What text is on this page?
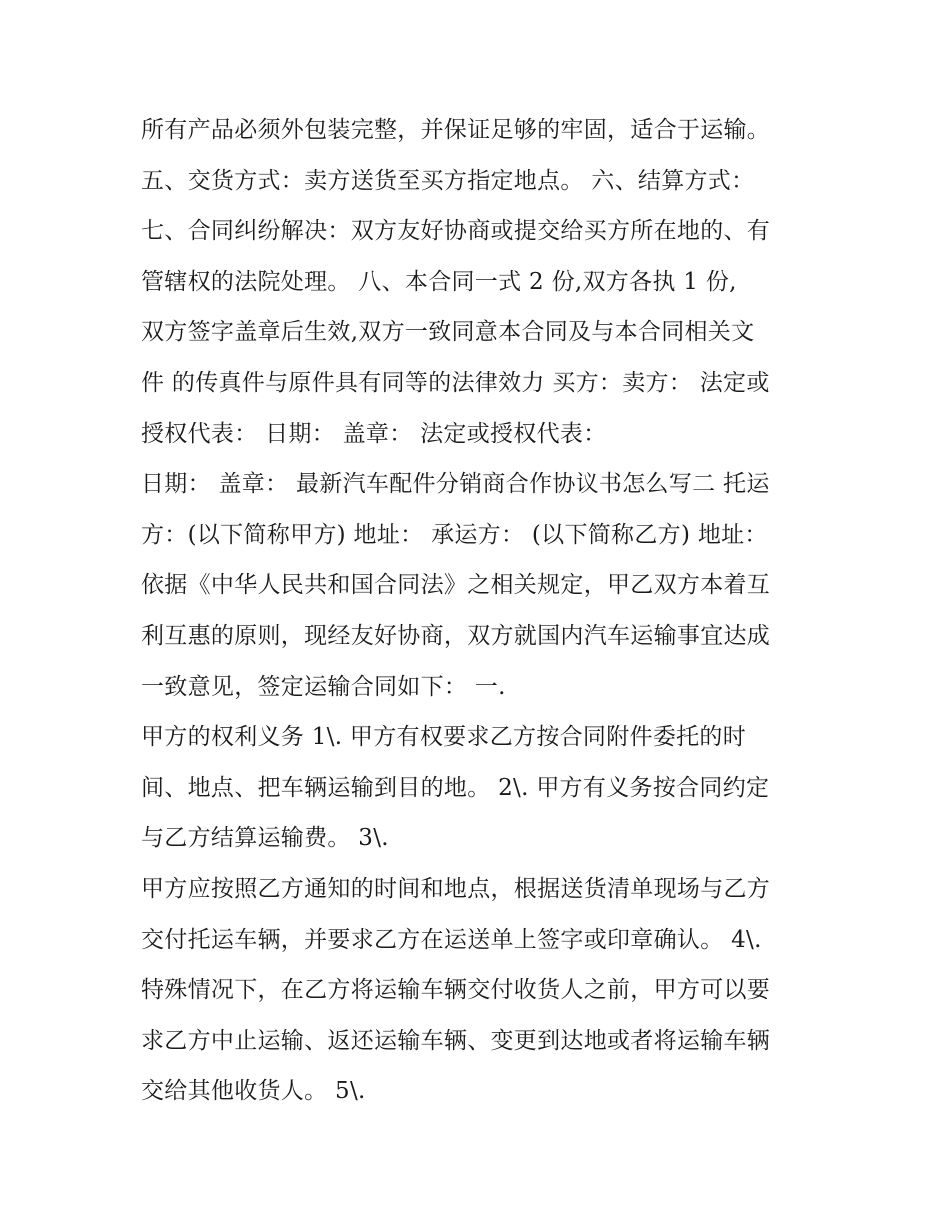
所有产品必须外包装完整，并保证足够的牢固，适合于运输。
五、交货方式：卖方送货至买方指定地点。 六、结算方式：
七、合同纠纷解决：双方友好协商或提交给买方所在地的、有
管辖权的法院处理。 八、本合同一式 2 份,双方各执 1 份,
双方签字盖章后生效,双方一致同意本合同及与本合同相关文
件 的传真件与原件具有同等的法律效力 买方：卖方： 法定或
授权代表： 日期： 盖章： 法定或授权代表：
日期： 盖章： 最新汽车配件分销商合作协议书怎么写二 托运
方：(以下简称甲方) 地址： 承运方： (以下简称乙方) 地址：
依据《中华人民共和国合同法》之相关规定，甲乙双方本着互
利互惠的原则，现经友好协商，双方就国内汽车运输事宜达成
一致意见，签定运输合同如下： 一.
甲方的权利义务 1\. 甲方有权要求乙方按合同附件委托的时
间、地点、把车辆运输到目的地。 2\. 甲方有义务按合同约定
与乙方结算运输费。 3\.
甲方应按照乙方通知的时间和地点，根据送货清单现场与乙方
交付托运车辆，并要求乙方在运送单上签字或印章确认。 4\.
特殊情况下，在乙方将运输车辆交付收货人之前，甲方可以要
求乙方中止运输、返还运输车辆、变更到达地或者将运输车辆
交给其他收货人。 5\.
